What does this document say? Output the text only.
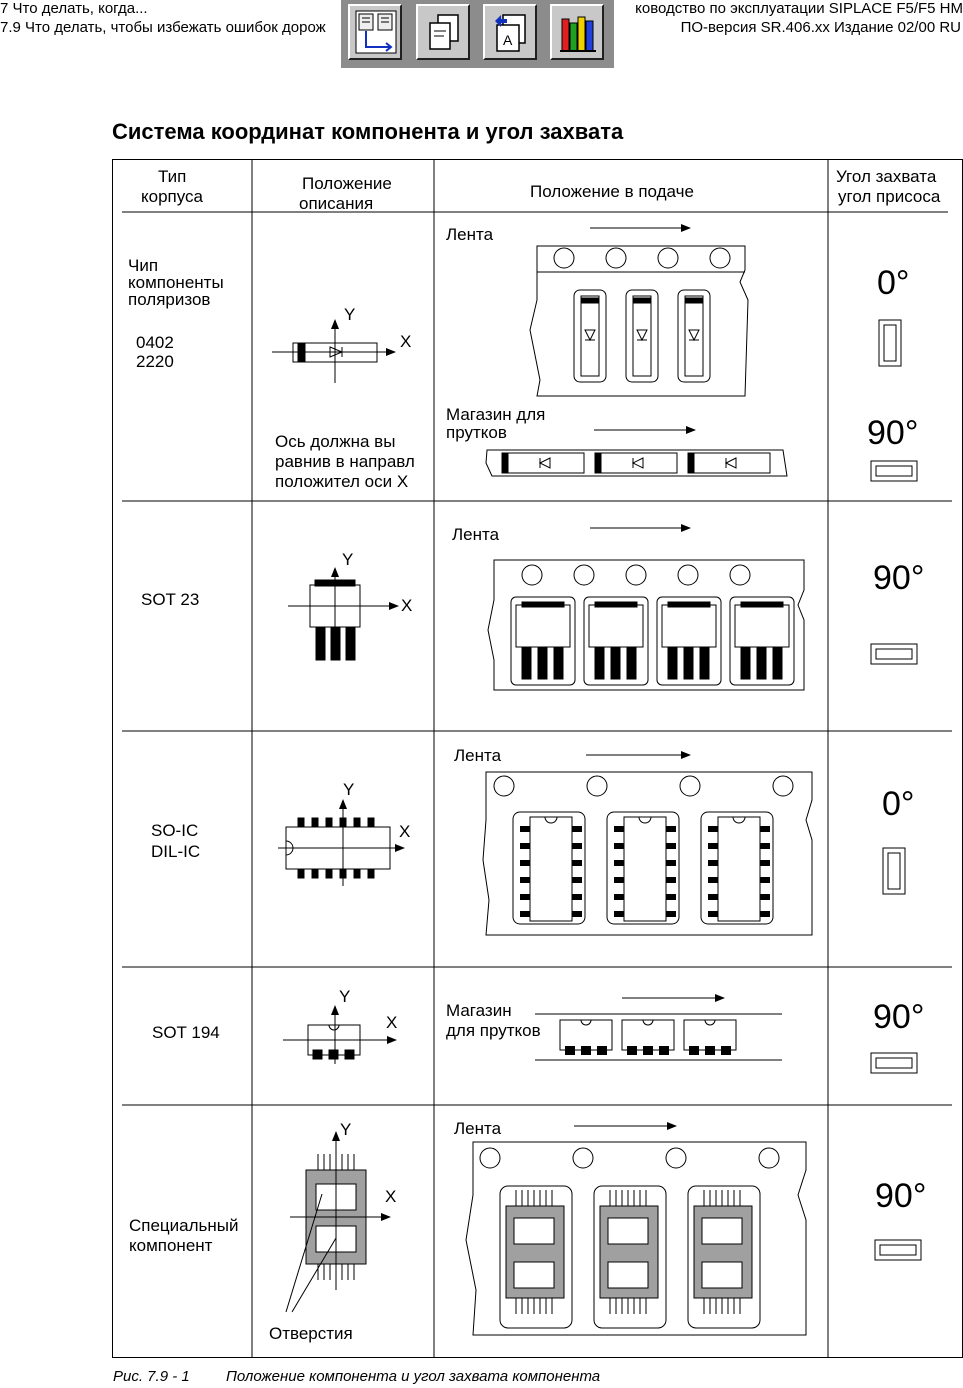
7 Что делать, когда...
7.9 Что делать, чтобы избежать ошибок дорож
ководство по эксплуатации SIPLACE F5/F5 HM
ПО-версия SR.406.xx Издание 02/00 RU
A
Система координат компонента и угол захвата
Тип
корпуса
Положение
описания
Положение в подаче
Угол захвата
угол присоса
Чип
компоненты
поляризов
0402
2220
Y
X
Ось должна вы
равнив в направл
положител оси X
Лента
Магазин для
прутков
0°
90°
SOT 23
Y
X
Лента
90°
SO-IC
DIL-IC
Y
X
Лента
0°
SOT 194
Y
X
Магазин
для прутков	90°
Специальный
компонент
Y
X
Отверстия
Лента
90°
Рис. 7.9 - 1 Положение компонента и угол захвата компонента
